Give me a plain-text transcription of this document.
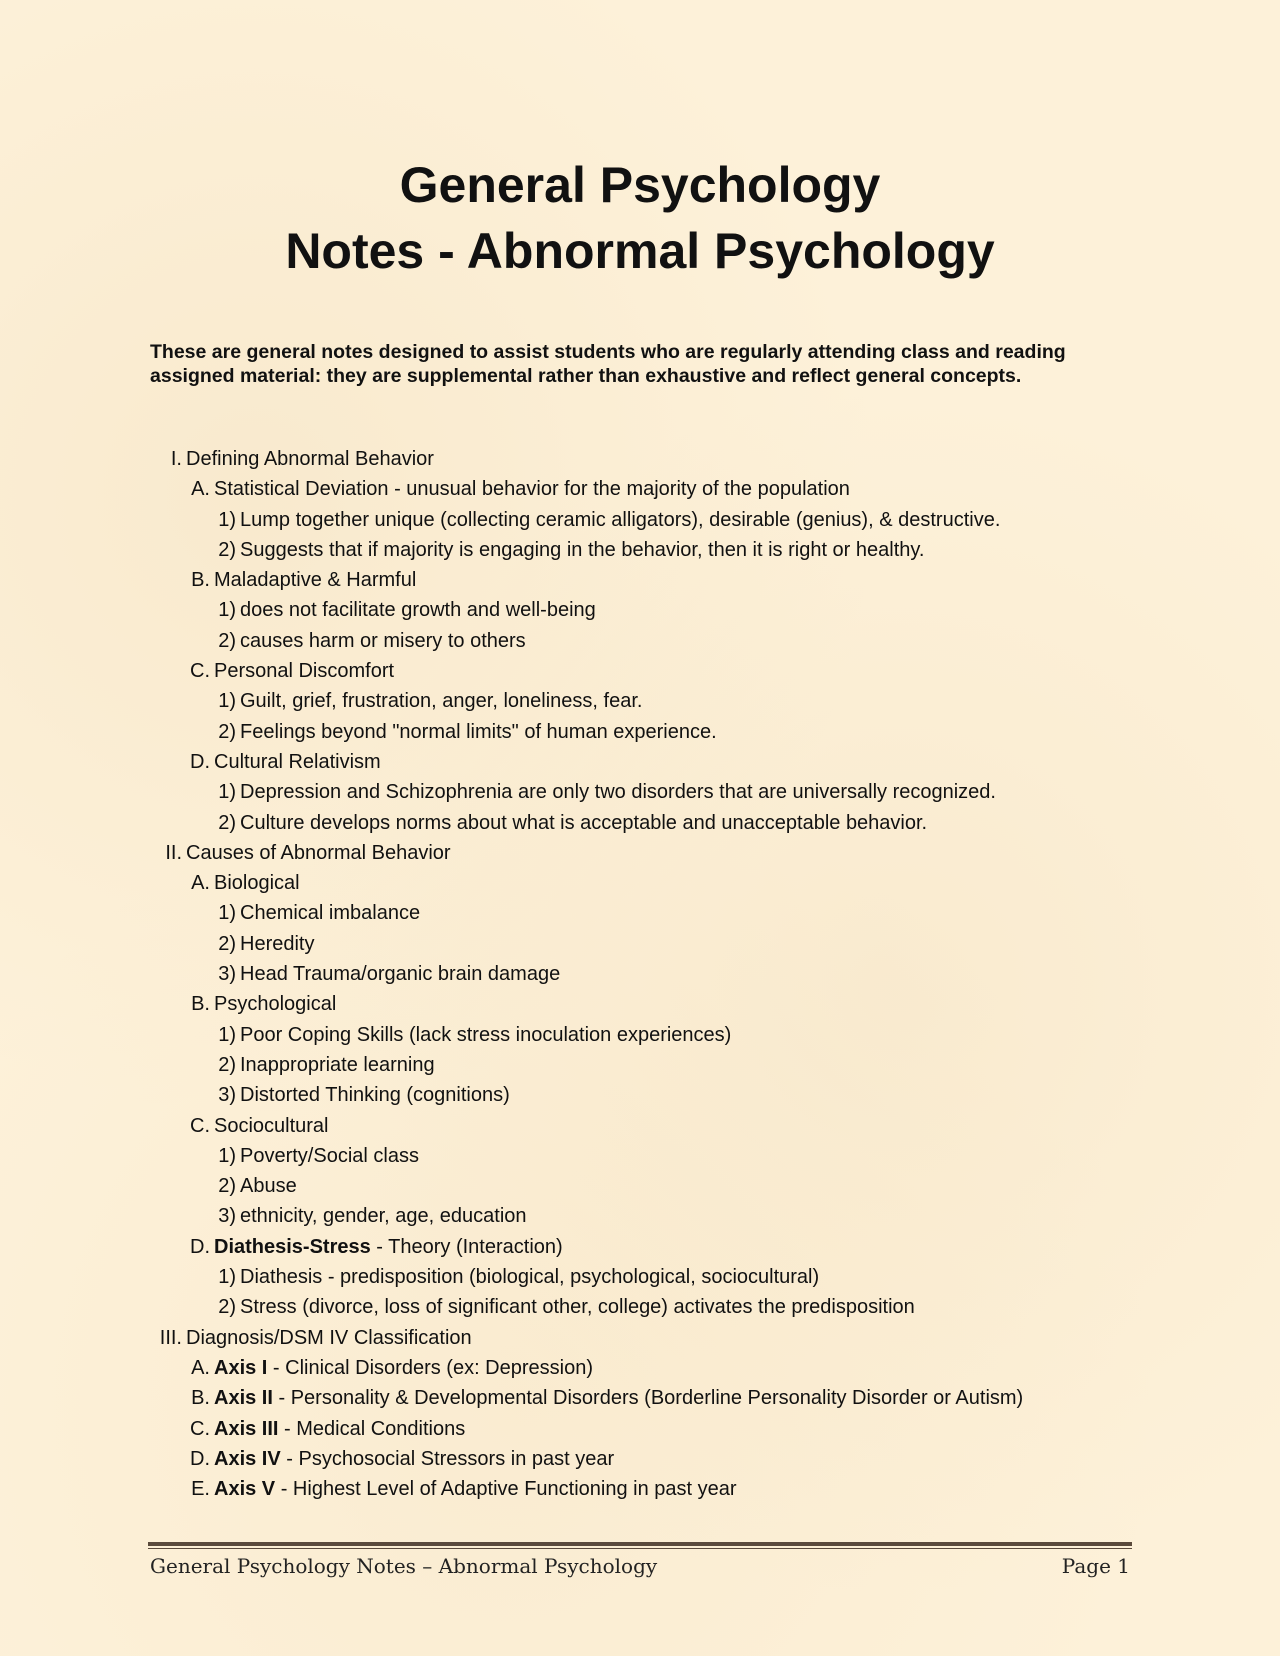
General Psychology
Notes - Abnormal Psychology
These are general notes designed to assist students who are regularly attending class and reading assigned material: they are supplemental rather than exhaustive and reflect general concepts.
I. Defining Abnormal Behavior
A. Statistical Deviation - unusual behavior for the majority of the population
1) Lump together unique (collecting ceramic alligators), desirable (genius), & destructive.
2) Suggests that if majority is engaging in the behavior, then it is right or healthy.
B. Maladaptive & Harmful
1) does not facilitate growth and well-being
2) causes harm or misery to others
C. Personal Discomfort
1) Guilt, grief, frustration, anger, loneliness, fear.
2) Feelings beyond "normal limits" of human experience.
D. Cultural Relativism
1) Depression and Schizophrenia are only two disorders that are universally recognized.
2) Culture develops norms about what is acceptable and unacceptable behavior.
II. Causes of Abnormal Behavior
A. Biological
1) Chemical imbalance
2) Heredity
3) Head Trauma/organic brain damage
B. Psychological
1) Poor Coping Skills (lack stress inoculation experiences)
2) Inappropriate learning
3) Distorted Thinking (cognitions)
C. Sociocultural
1) Poverty/Social class
2) Abuse
3) ethnicity, gender, age, education
D. Diathesis-Stress - Theory (Interaction)
1) Diathesis - predisposition (biological, psychological, sociocultural)
2) Stress (divorce, loss of significant other, college) activates the predisposition
III. Diagnosis/DSM IV Classification
A. Axis I - Clinical Disorders (ex: Depression)
B. Axis II - Personality & Developmental Disorders (Borderline Personality Disorder or Autism)
C. Axis III - Medical Conditions
D. Axis IV - Psychosocial Stressors in past year
E. Axis V - Highest Level of Adaptive Functioning in past year
General Psychology Notes – Abnormal Psychology	Page 1
